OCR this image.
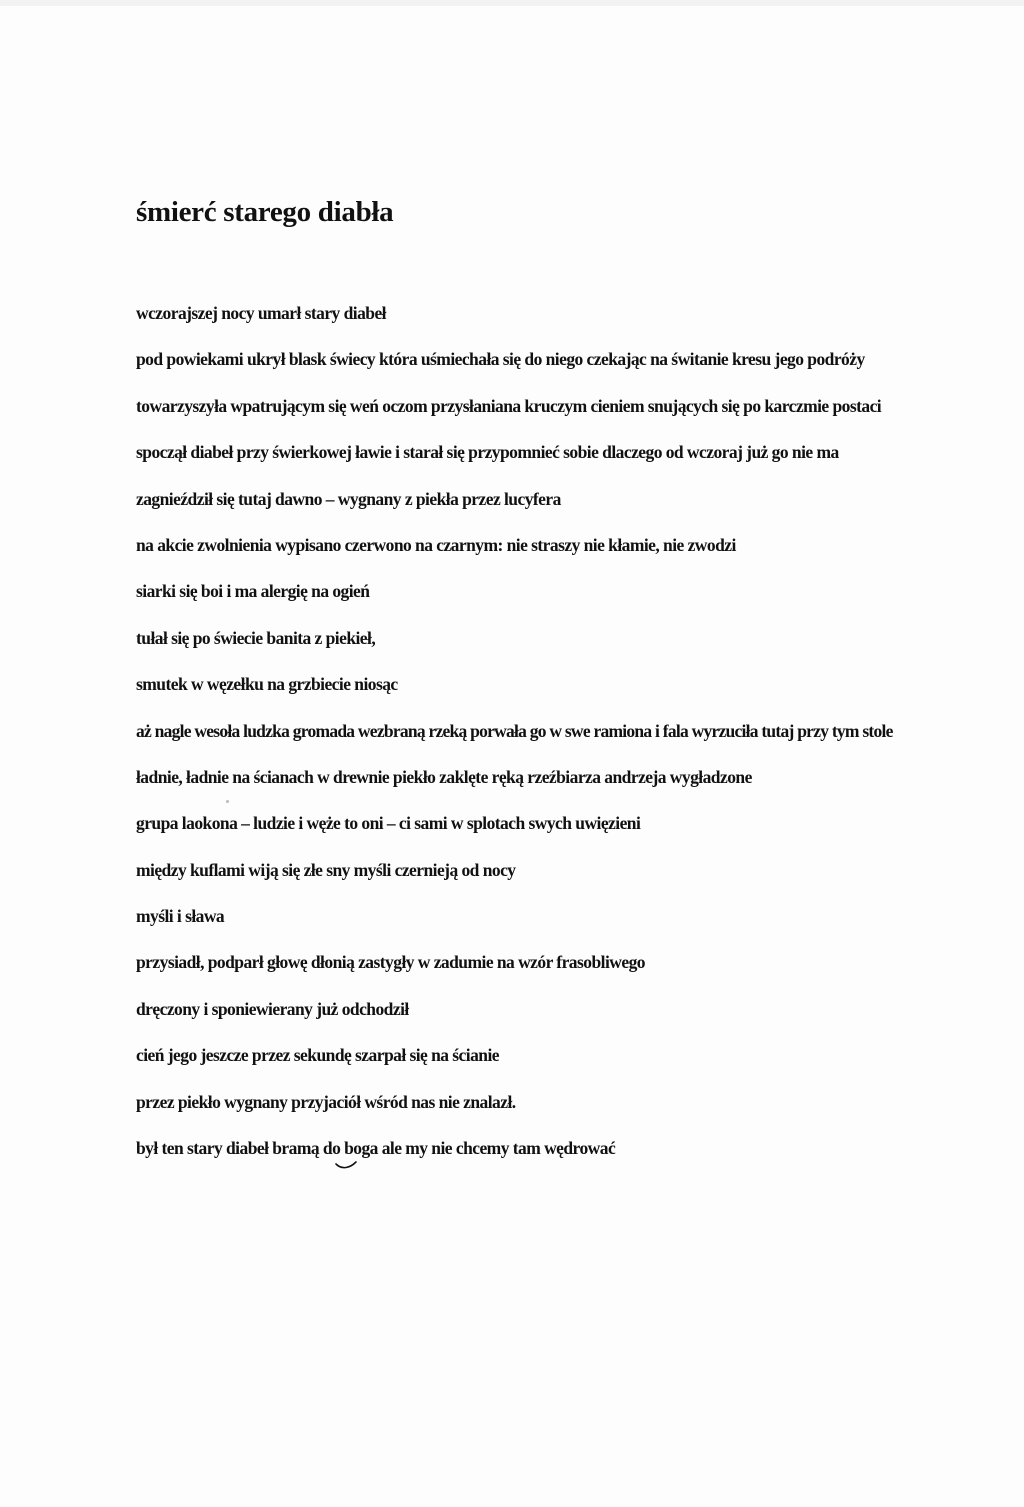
śmierć starego diabła
wczorajszej nocy umarł stary diabeł
pod powiekami ukrył blask świecy która uśmiechała się do niego czekając na świtanie kresu jego podróży
towarzyszyła wpatrującym się weń oczom przysłaniana kruczym cieniem snujących się po karczmie postaci
spoczął diabeł przy świerkowej ławie i starał się przypomnieć sobie dlaczego od wczoraj już go nie ma
zagnieździł się tutaj dawno – wygnany z piekła przez lucyfera
na akcie zwolnienia wypisano czerwono na czarnym: nie straszy nie kłamie, nie zwodzi
siarki się boi i ma alergię na ogień
tułał się po świecie banita z piekieł,
smutek w węzełku na grzbiecie niosąc
aż nagle wesoła ludzka gromada wezbraną rzeką porwała go w swe ramiona i fala wyrzuciła tutaj przy tym stole
ładnie, ładnie na ścianach w drewnie piekło zaklęte ręką rzeźbiarza andrzeja wygładzone
grupa laokona – ludzie i węże to oni – ci sami w splotach swych uwięzieni
między kuflami wiją się złe sny myśli czernieją od nocy
myśli i sława
przysiadł, podparł głowę dłonią zastygły w zadumie na wzór frasobliwego
dręczony i sponiewierany już odchodził
cień jego jeszcze przez sekundę szarpał się na ścianie
przez piekło wygnany przyjaciół wśród nas nie znalazł.
był ten stary diabeł bramą do boga ale my nie chcemy tam wędrować
